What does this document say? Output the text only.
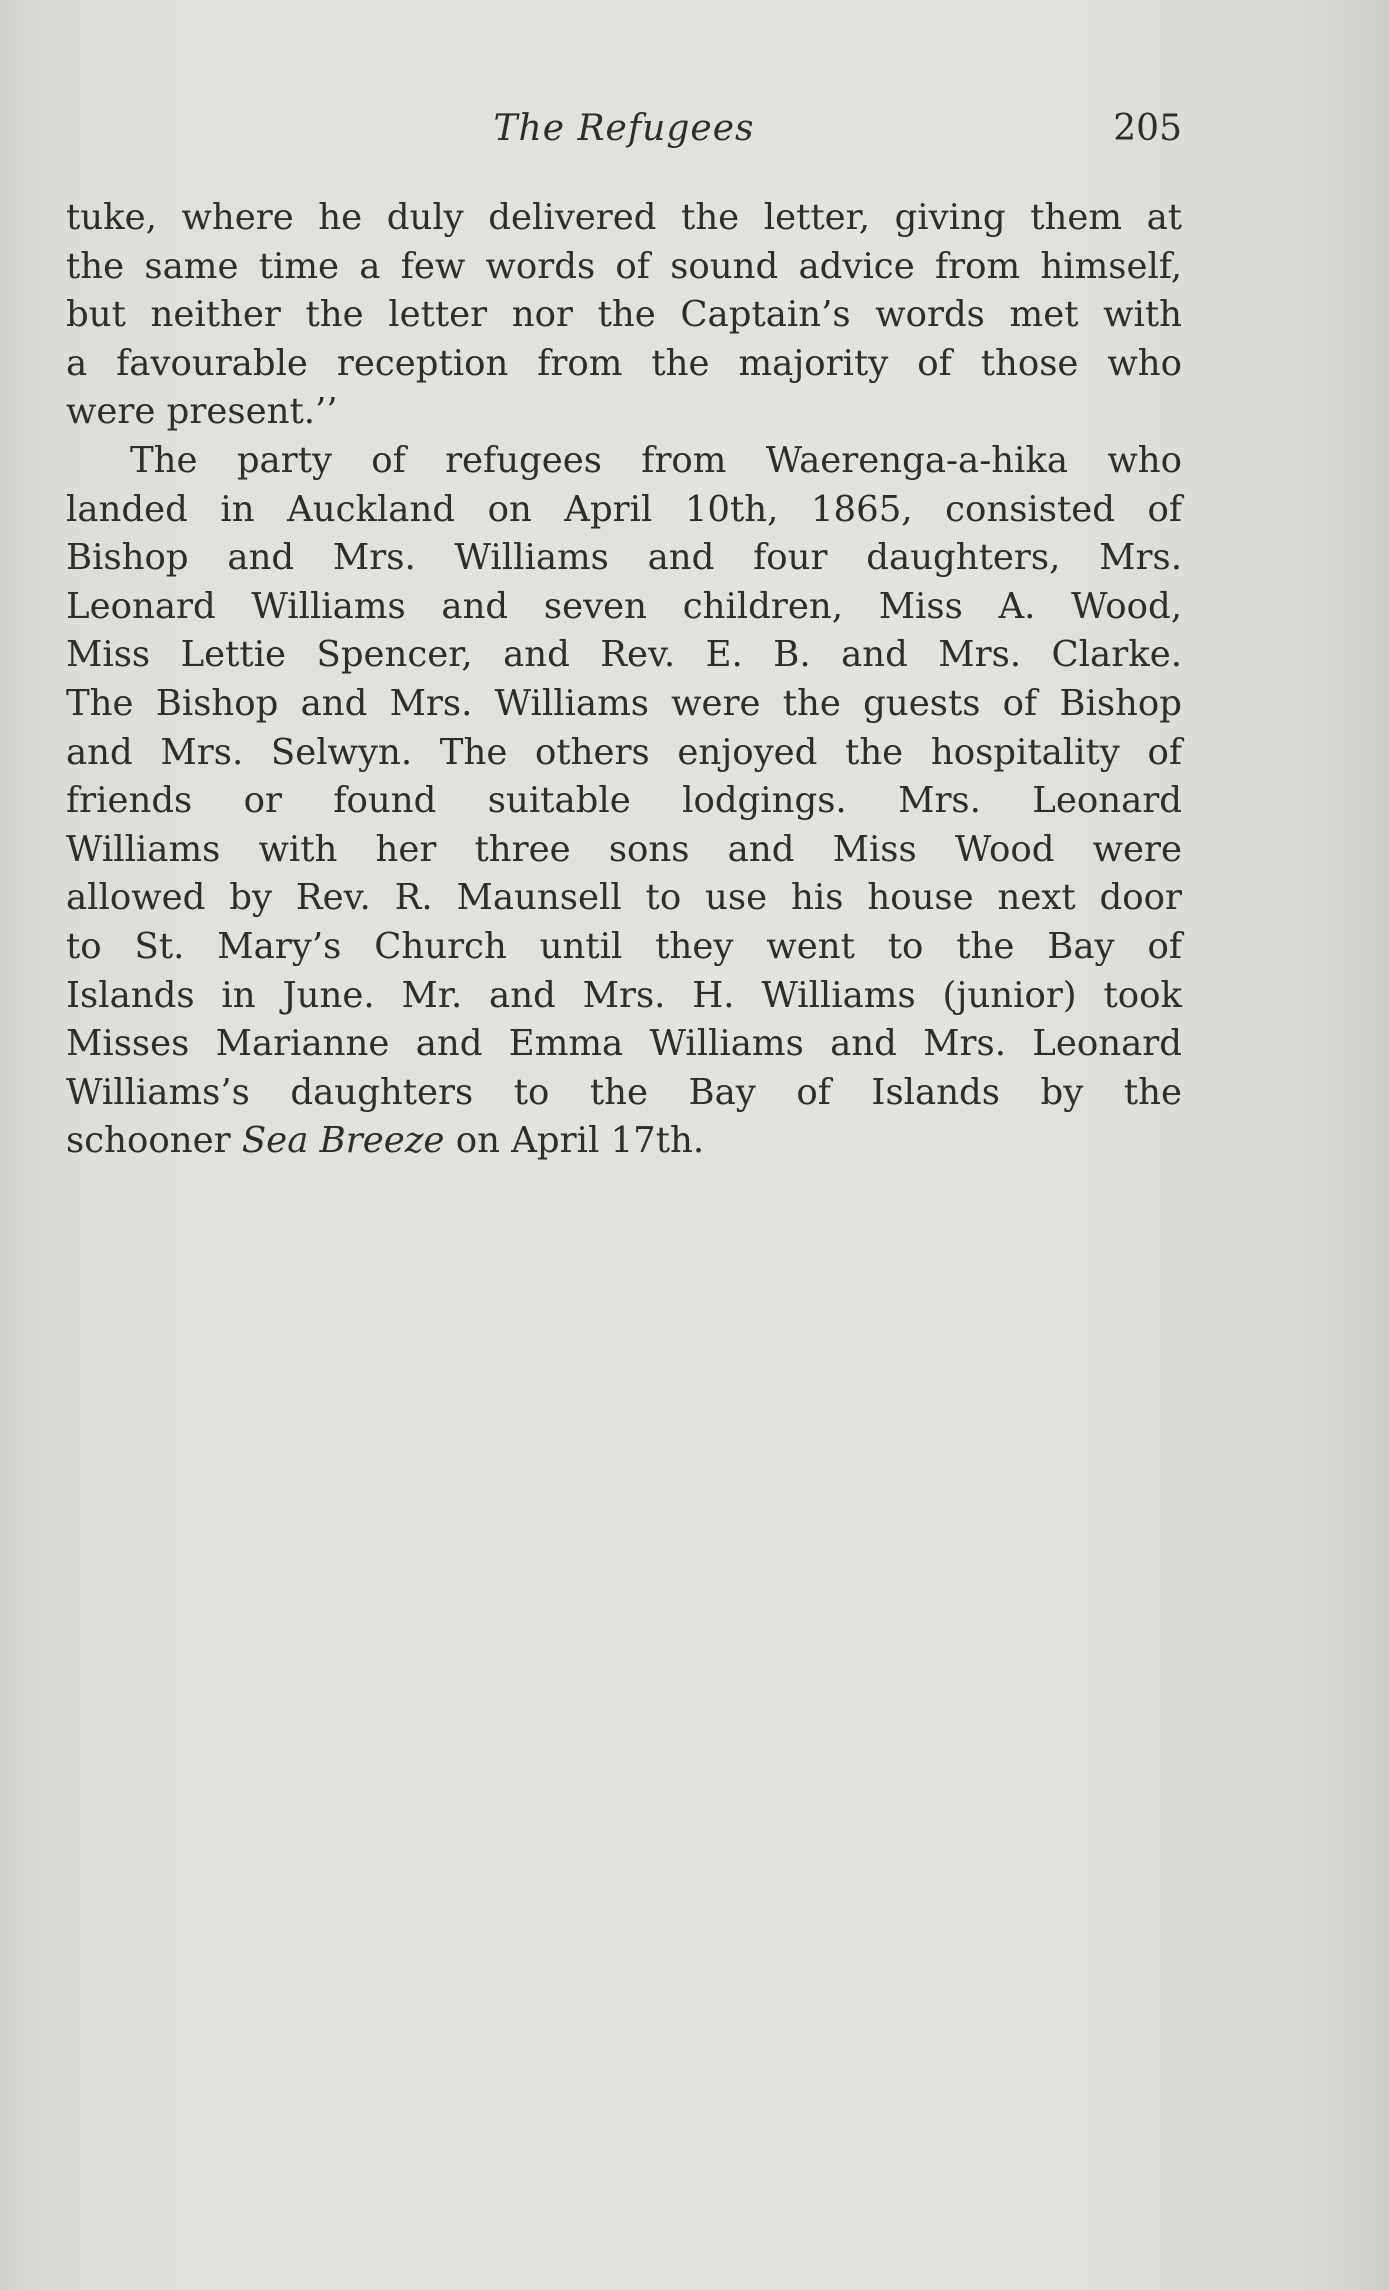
The Refugees	205
tuke, where he duly delivered the letter, giving them at
the same time a few words of sound advice from himself,
but neither the letter nor the Captain’s words met with
a favourable reception from the majority of those who
were present.’’
The party of refugees from Waerenga-a-hika who
landed in Auckland on April 10th, 1865, consisted of
Bishop and Mrs. Williams and four daughters, Mrs.
Leonard Williams and seven children, Miss A. Wood,
Miss Lettie Spencer, and Rev. E. B. and Mrs. Clarke.
The Bishop and Mrs. Williams were the guests of Bishop
and Mrs. Selwyn. The others enjoyed the hospitality of
friends or found suitable lodgings. Mrs. Leonard
Williams with her three sons and Miss Wood were
allowed by Rev. R. Maunsell to use his house next door
to St. Mary’s Church until they went to the Bay of
Islands in June. Mr. and Mrs. H. Williams (junior) took
Misses Marianne and Emma Williams and Mrs. Leonard
Williams’s daughters to the Bay of Islands by the
schooner Sea Breeze on April 17th.
